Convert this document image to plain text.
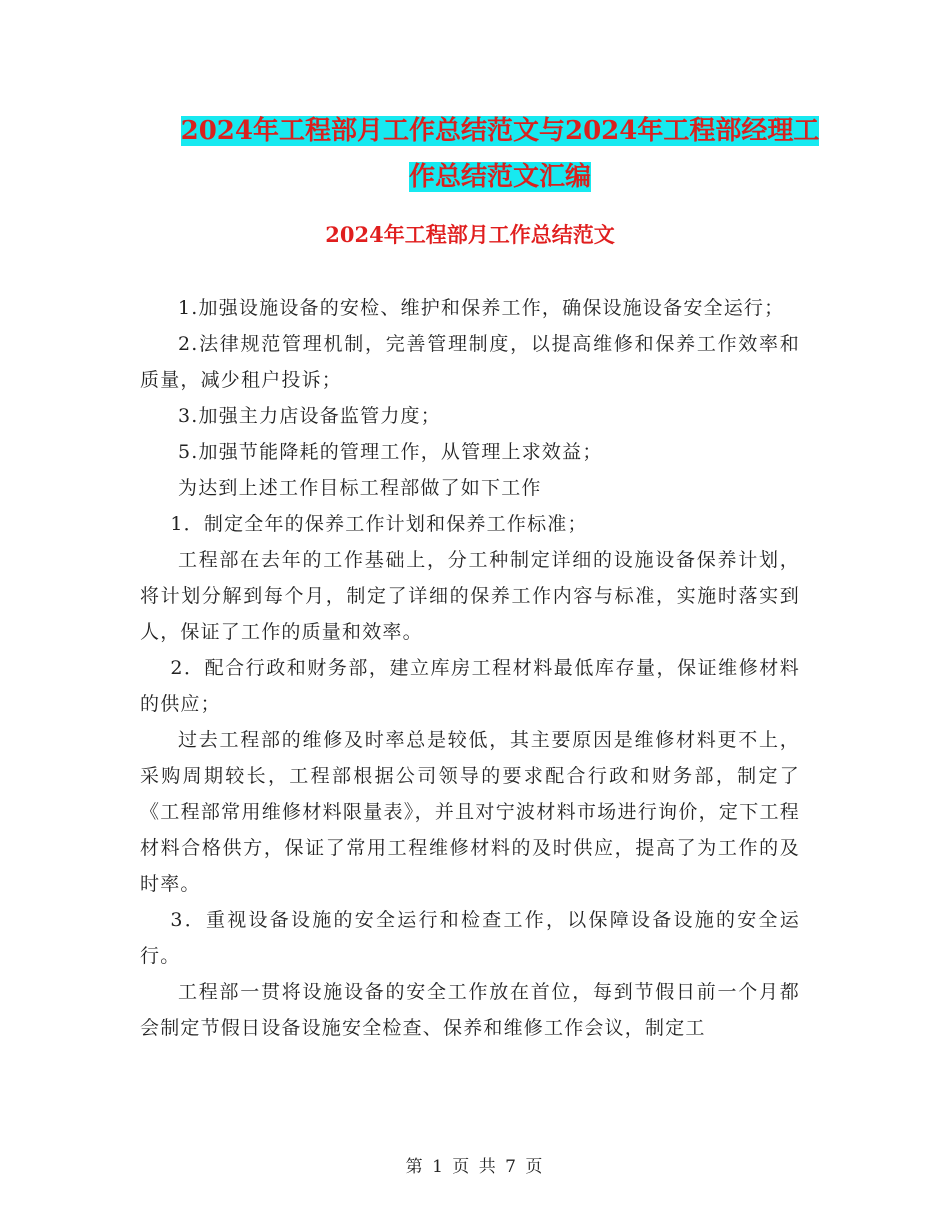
2024年工程部月工作总结范文与2024年工程部经理工
作总结范文汇编
2024年工程部月工作总结范文

1.加强设施设备的安检、维护和保养工作，确保设施设备安全运行；

2.法律规范管理机制，完善管理制度，以提高维修和保养工作效率和质量，减少租户投诉；

3.加强主力店设备监管力度；

5.加强节能降耗的管理工作，从管理上求效益；

为达到上述工作目标工程部做了如下工作

1．制定全年的保养工作计划和保养工作标准；

工程部在去年的工作基础上，分工种制定详细的设施设备保养计划，将计划分解到每个月，制定了详细的保养工作内容与标准，实施时落实到人，保证了工作的质量和效率。

2．配合行政和财务部，建立库房工程材料最低库存量，保证维修材料的供应；

过去工程部的维修及时率总是较低，其主要原因是维修材料更不上，采购周期较长，工程部根据公司领导的要求配合行政和财务部，制定了《工程部常用维修材料限量表》，并且对宁波材料市场进行询价，定下工程材料合格供方，保证了常用工程维修材料的及时供应，提高了为工作的及时率。

3．重视设备设施的安全运行和检查工作，以保障设备设施的安全运行。

工程部一贯将设施设备的安全工作放在首位，每到节假日前一个月都会制定节假日设备设施安全检查、保养和维修工作会议，制定工

第 1 页 共 7 页
